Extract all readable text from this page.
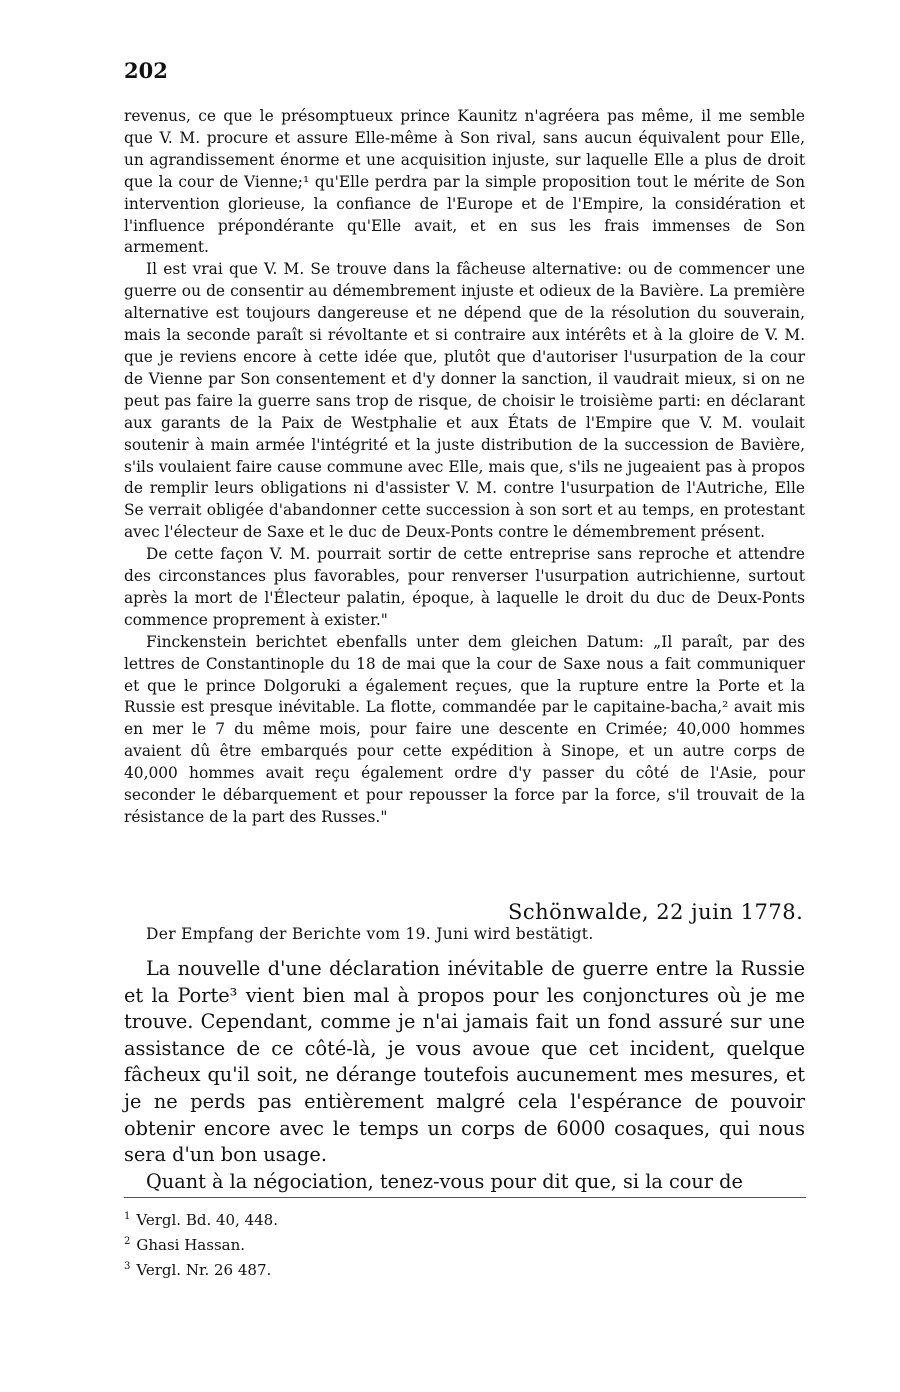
202

revenus, ce que le présomptueux prince Kaunitz n'agréera pas même, il me semble que V. M. procure et assure Elle-même à Son rival, sans aucun équivalent pour Elle, un agrandissement énorme et une acquisition injuste, sur laquelle Elle a plus de droit que la cour de Vienne;¹ qu'Elle perdra par la simple proposition tout le mérite de Son intervention glorieuse, la confiance de l'Europe et de l'Empire, la considération et l'influence prépondérante qu'Elle avait, et en sus les frais immenses de Son armement.

Il est vrai que V. M. Se trouve dans la fâcheuse alternative: ou de commencer une guerre ou de consentir au démembrement injuste et odieux de la Bavière. La première alternative est toujours dangereuse et ne dépend que de la résolution du souverain, mais la seconde paraît si révoltante et si contraire aux intérêts et à la gloire de V. M. que je reviens encore à cette idée que, plutôt que d'autoriser l'usurpation de la cour de Vienne par Son consentement et d'y donner la sanction, il vaudrait mieux, si on ne peut pas faire la guerre sans trop de risque, de choisir le troisième parti: en déclarant aux garants de la Paix de Westphalie et aux États de l'Empire que V. M. voulait soutenir à main armée l'intégrité et la juste distribution de la succession de Bavière, s'ils voulaient faire cause commune avec Elle, mais que, s'ils ne jugeaient pas à propos de remplir leurs obligations ni d'assister V. M. contre l'usurpation de l'Autriche, Elle Se verrait obligée d'abandonner cette succession à son sort et au temps, en protestant avec l'électeur de Saxe et le duc de Deux-Ponts contre le démembrement présent.

De cette façon V. M. pourrait sortir de cette entreprise sans reproche et attendre des circonstances plus favorables, pour renverser l'usurpation autrichienne, surtout après la mort de l'Électeur palatin, époque, à laquelle le droit du duc de Deux-Ponts commence proprement à exister."

Finckenstein berichtet ebenfalls unter dem gleichen Datum: „Il paraît, par des lettres de Constantinople du 18 de mai que la cour de Saxe nous a fait communiquer et que le prince Dolgoruki a également reçues, que la rupture entre la Porte et la Russie est presque inévitable. La flotte, commandée par le capitaine-bacha,² avait mis en mer le 7 du même mois, pour faire une descente en Crimée; 40,000 hommes avaient dû être embarqués pour cette expédition à Sinope, et un autre corps de 40,000 hommes avait reçu également ordre d'y passer du côté de l'Asie, pour seconder le débarquement et pour repousser la force par la force, s'il trouvait de la résistance de la part des Russes."

Schönwalde, 22 juin 1778.
Der Empfang der Berichte vom 19. Juni wird bestätigt.

La nouvelle d'une déclaration inévitable de guerre entre la Russie et la Porte³ vient bien mal à propos pour les conjonctures où je me trouve. Cependant, comme je n'ai jamais fait un fond assuré sur une assistance de ce côté-là, je vous avoue que cet incident, quelque fâcheux qu'il soit, ne dérange toutefois aucunement mes mesures, et je ne perds pas entièrement malgré cela l'espérance de pouvoir obtenir encore avec le temps un corps de 6000 cosaques, qui nous sera d'un bon usage.

Quant à la négociation, tenez-vous pour dit que, si la cour de

$^1$ Vergl. Bd. 40, 448.
$^2$ Ghasi Hassan.
$^3$ Vergl. Nr. 26 487.
